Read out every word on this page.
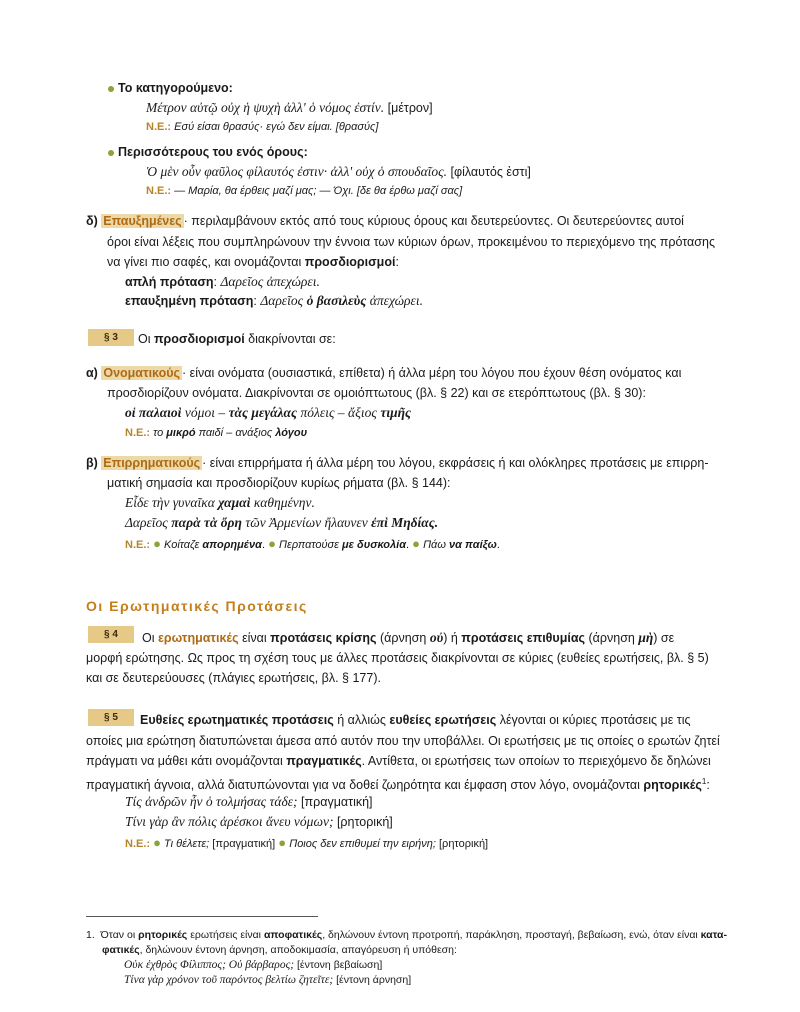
Το κατηγορούμενο:
Μέτρον αὐτῷ οὐχ ἡ ψυχὴ ἀλλ' ὁ νόμος ἐστίν. [μέτρον]
Ν.Ε.: Εσύ είσαι θρασύς· εγώ δεν είμαι. [θρασύς]
Περισσότερους του ενός όρους:
Ὁ μὲν οὖν φαῦλος φίλαυτός ἐστιν· ἀλλ' οὐχ ὁ σπουδαῖος. [φίλαυτός ἐστι]
Ν.Ε.: — Μαρία, θα έρθεις μαζί μας; — Όχι. [δε θα έρθω μαζί σας]
δ) Επαυξημένες · περιλαμβάνουν εκτός από τους κύριους όρους και δευτερεύοντες. Οι δευτερεύοντες αυτοί
όροι είναι λέξεις που συμπληρώνουν την έννοια των κύριων όρων, προκειμένου το περιεχόμενο της πρότασης
να γίνει πιο σαφές, και ονομάζονται προσδιορισμοί:
απλή πρόταση: Δαρεῖος ἀπεχώρει.
επαυξημένη πρόταση: Δαρεῖος ὁ βασιλεὺς ἀπεχώρει.
§ 3	Οι προσδιορισμοί διακρίνονται σε:
α) Ονοματικούς · είναι ονόματα (ουσιαστικά, επίθετα) ή άλλα μέρη του λόγου που έχουν θέση ονόματος και
προσδιορίζουν ονόματα. Διακρίνονται σε ομοιόπτωτους (βλ. § 22) και σε ετερόπτωτους (βλ. § 30):
οἱ παλαιοὶ νόμοι – τὰς μεγάλας πόλεις – ἄξιος τιμῆς
Ν.Ε.: το μικρό παιδί – ανάξιος λόγου
β) Επιρρηματικούς · είναι επιρρήματα ή άλλα μέρη του λόγου, εκφράσεις ή και ολόκληρες προτάσεις με επιρρη-
ματική σημασία και προσδιορίζουν κυρίως ρήματα (βλ. § 144):
Εἶδε τὴν γυναῖκα χαμαὶ καθημένην.
Δαρεῖος παρὰ τὰ ὄρη τῶν Ἀρμενίων ἤλαυνεν ἐπὶ Μηδίας.
Ν.Ε.: ● Κοίταζε απορημένα. ● Περπατούσε με δυσκολία. ● Πάω να παίξω.
Οι Ερωτηματικές Προτάσεις
§ 4	Οι ερωτηματικές είναι προτάσεις κρίσης (άρνηση οὐ) ή προτάσεις επιθυμίας (άρνηση μὴ) σε
μορφή ερώτησης. Ως προς τη σχέση τους με άλλες προτάσεις διακρίνονται σε κύριες (ευθείες ερωτήσεις, βλ. § 5)
και σε δευτερεύουσες (πλάγιες ερωτήσεις, βλ. § 177).
§ 5	Ευθείες ερωτηματικές προτάσεις ή αλλιώς ευθείες ερωτήσεις λέγονται οι κύριες προτάσεις με τις
οποίες μια ερώτηση διατυπώνεται άμεσα από αυτόν που την υποβάλλει. Οι ερωτήσεις με τις οποίες ο ερωτών ζητεί
πράγματι να μάθει κάτι ονομάζονται πραγματικές. Αντίθετα, οι ερωτήσεις των οποίων το περιεχόμενο δε δηλώνει
πραγματική άγνοια, αλλά διατυπώνονται για να δοθεί ζωηρότητα και έμφαση στον λόγο, ονομάζονται ρητορικές$^1$:
Τίς ἀνδρῶν ἦν ὁ τολμήσας τάδε; [πραγματική]
Τίνι γὰρ ἂν πόλις ἀρέσκοι ἄνευ νόμων; [ρητορική]
Ν.Ε.: ● Τι θέλετε; [πραγματική] ● Ποιος δεν επιθυμεί την ειρήνη; [ρητορική]
1. Όταν οι ρητορικές ερωτήσεις είναι αποφατικές, δηλώνουν έντονη προτροπή, παράκληση, προσταγή, βεβαίωση, ενώ, όταν είναι κατα-
φατικές, δηλώνουν έντονη άρνηση, αποδοκιμασία, απαγόρευση ή υπόθεση:
Οὐκ ἐχθρὸς Φίλιππος; Οὐ βάρβαρος; [έντονη βεβαίωση]
Τίνα γὰρ χρόνον τοῦ παρόντος βελτίω ζητεῖτε; [έντονη άρνηση]
